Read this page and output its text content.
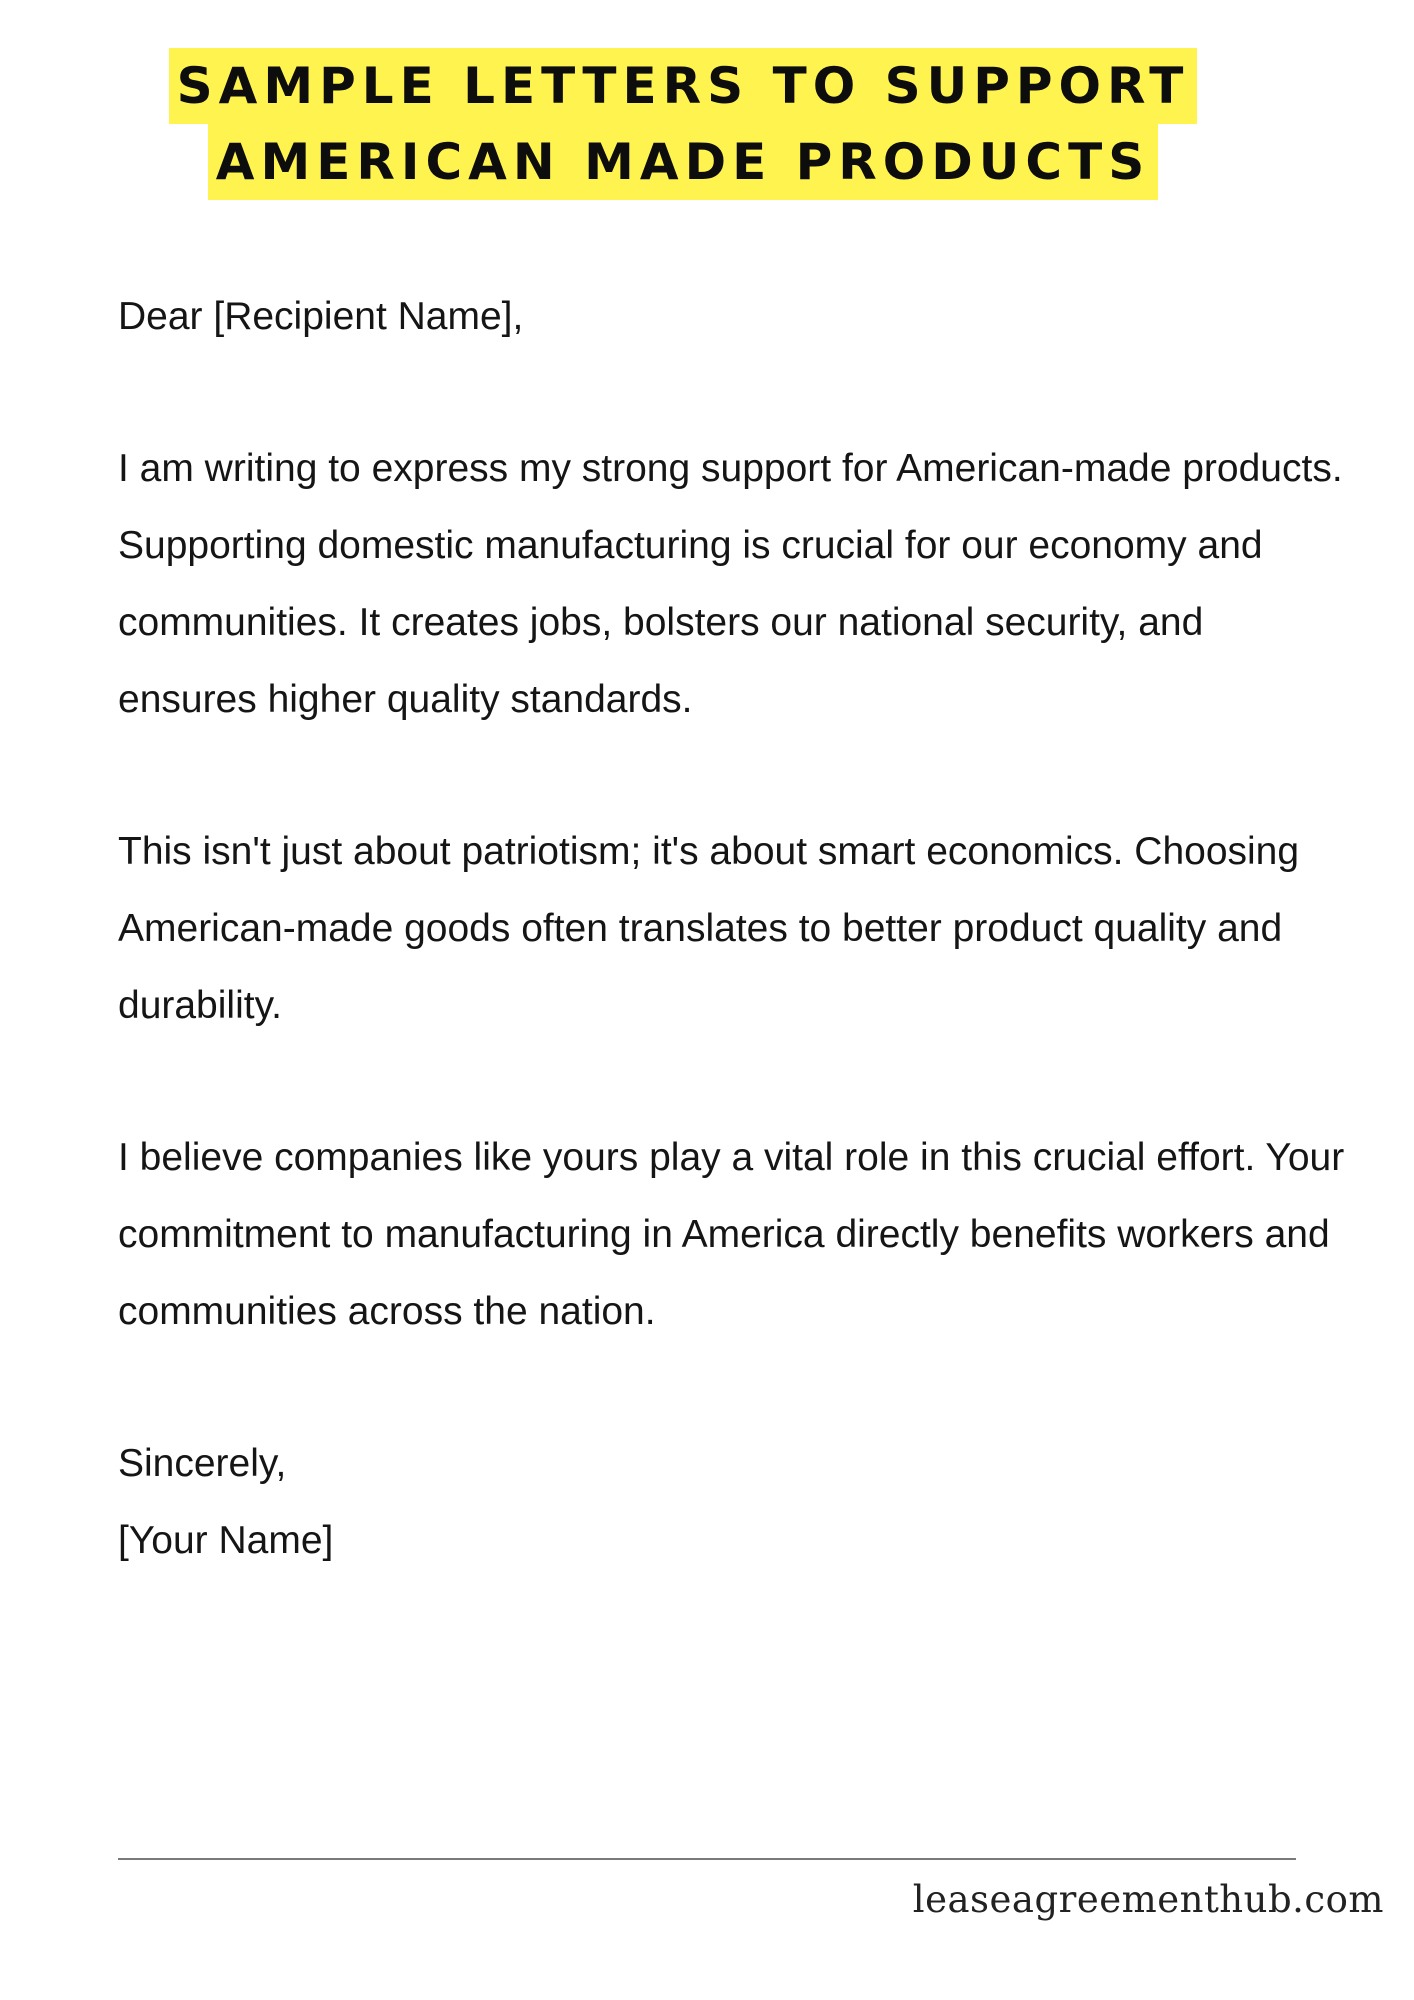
SAMPLE LETTERS TO SUPPORT
AMERICAN MADE PRODUCTS

Dear [Recipient Name],

I am writing to express my strong support for American-made products. Supporting domestic manufacturing is crucial for our economy and communities. It creates jobs, bolsters our national security, and ensures higher quality standards.

This isn't just about patriotism; it's about smart economics. Choosing American-made goods often translates to better product quality and durability.

I believe companies like yours play a vital role in this crucial effort. Your commitment to manufacturing in America directly benefits workers and communities across the nation.

Sincerely,

[Your Name]

leaseagreementhub.com
